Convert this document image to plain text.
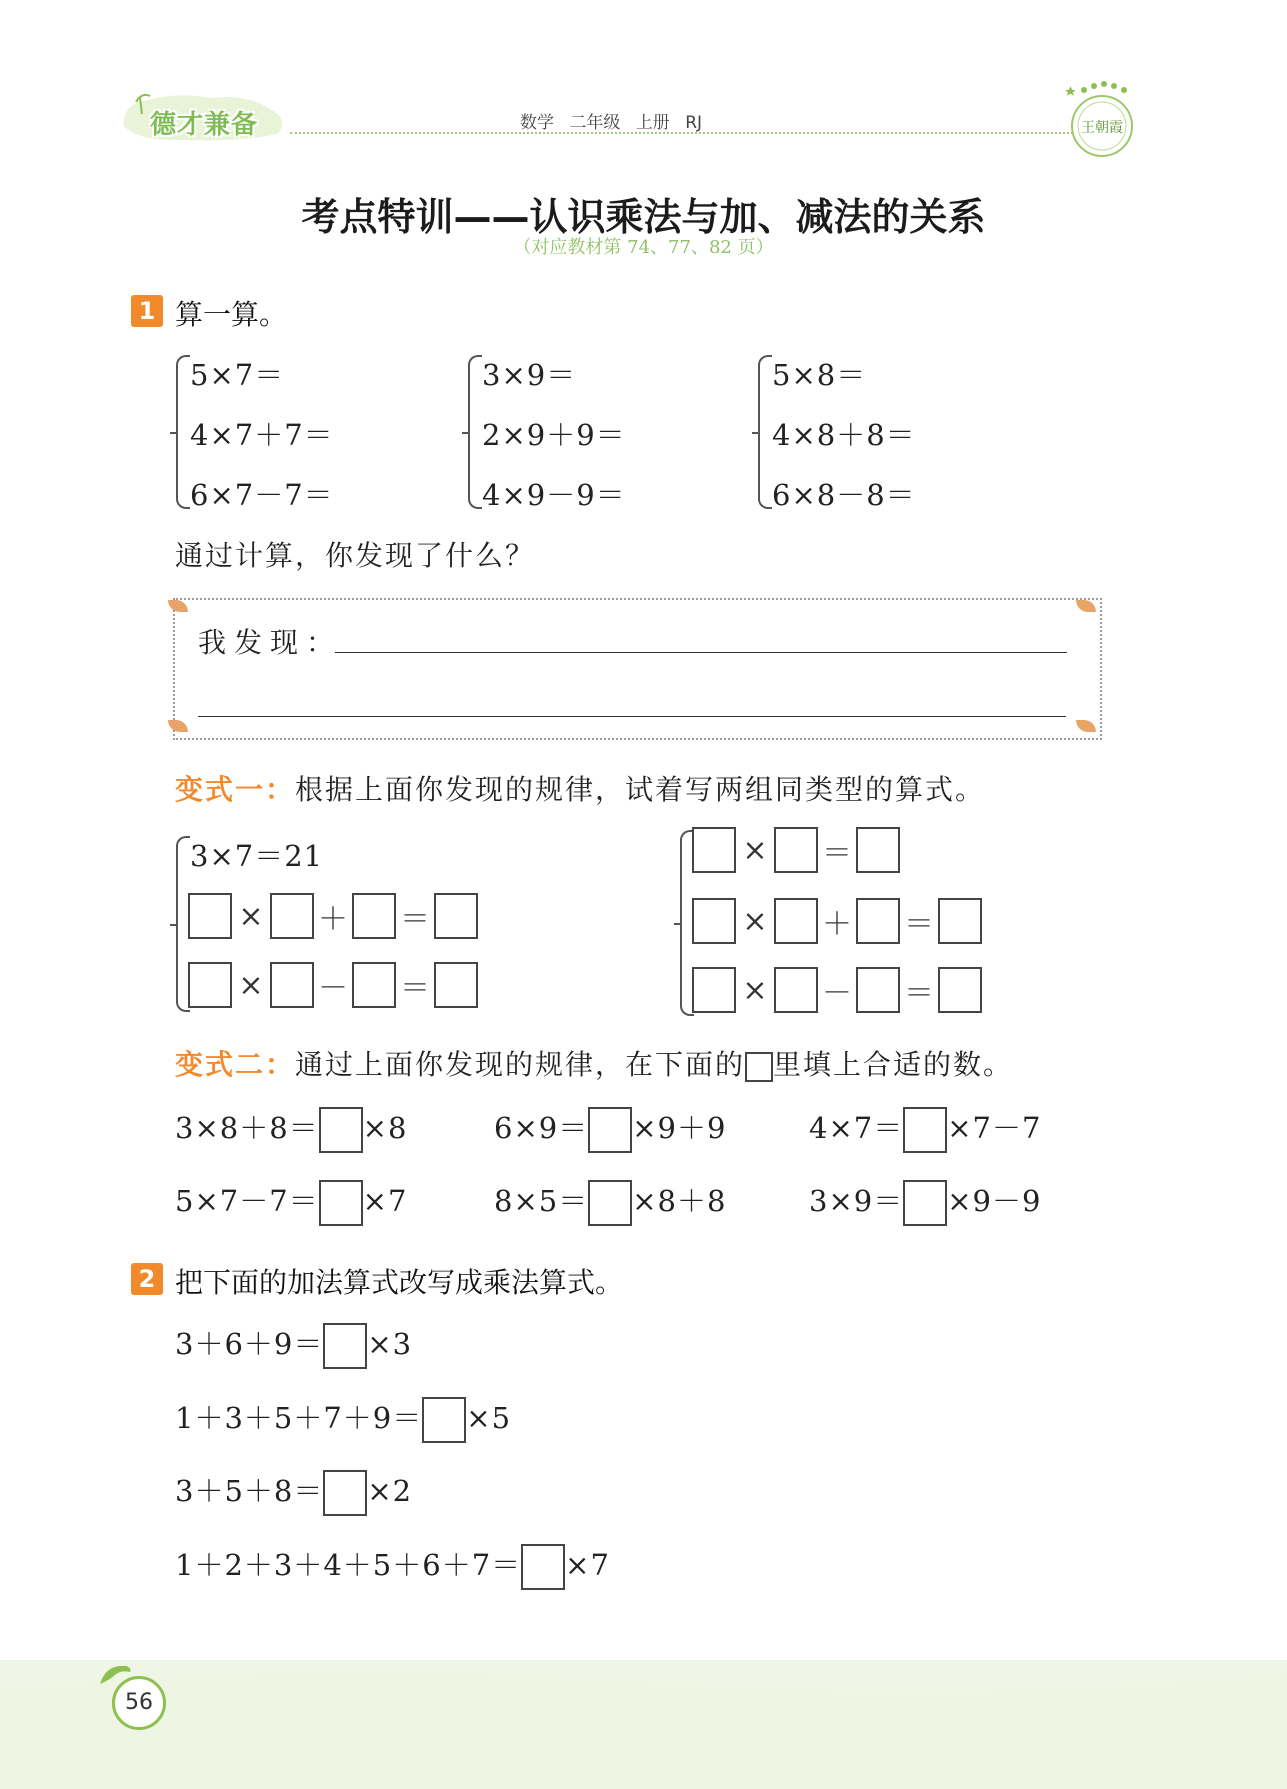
德才兼备	数学 二年级 上册 RJ	王朝霞
考点特训——认识乘法与加、减法的关系
（对应教材第 74、77、82 页）
1 算一算。
5×7＝
4×7＋7＝
6×7－7＝
3×9＝
2×9＋9＝
4×9－9＝
5×8＝
4×8＋8＝
6×8－8＝
通过计算，你发现了什么？
我发现：
变式一：根据上面你发现的规律，试着写两组同类型的算式。
3×7＝21
× ＋ ＝
× － ＝
× ＝
× ＋ ＝
× － ＝
变式二：通过上面你发现的规律，在下面的 里填上合适的数。
3×8＋8＝ ×8	6×9＝ ×9＋9	4×7＝ ×7－7
5×7－7＝ ×7	8×5＝ ×8＋8	3×9＝ ×9－9
2 把下面的加法算式改写成乘法算式。
3＋6＋9＝ ×3
1＋3＋5＋7＋9＝ ×5
3＋5＋8＝ ×2
1＋2＋3＋4＋5＋6＋7＝ ×7
56
